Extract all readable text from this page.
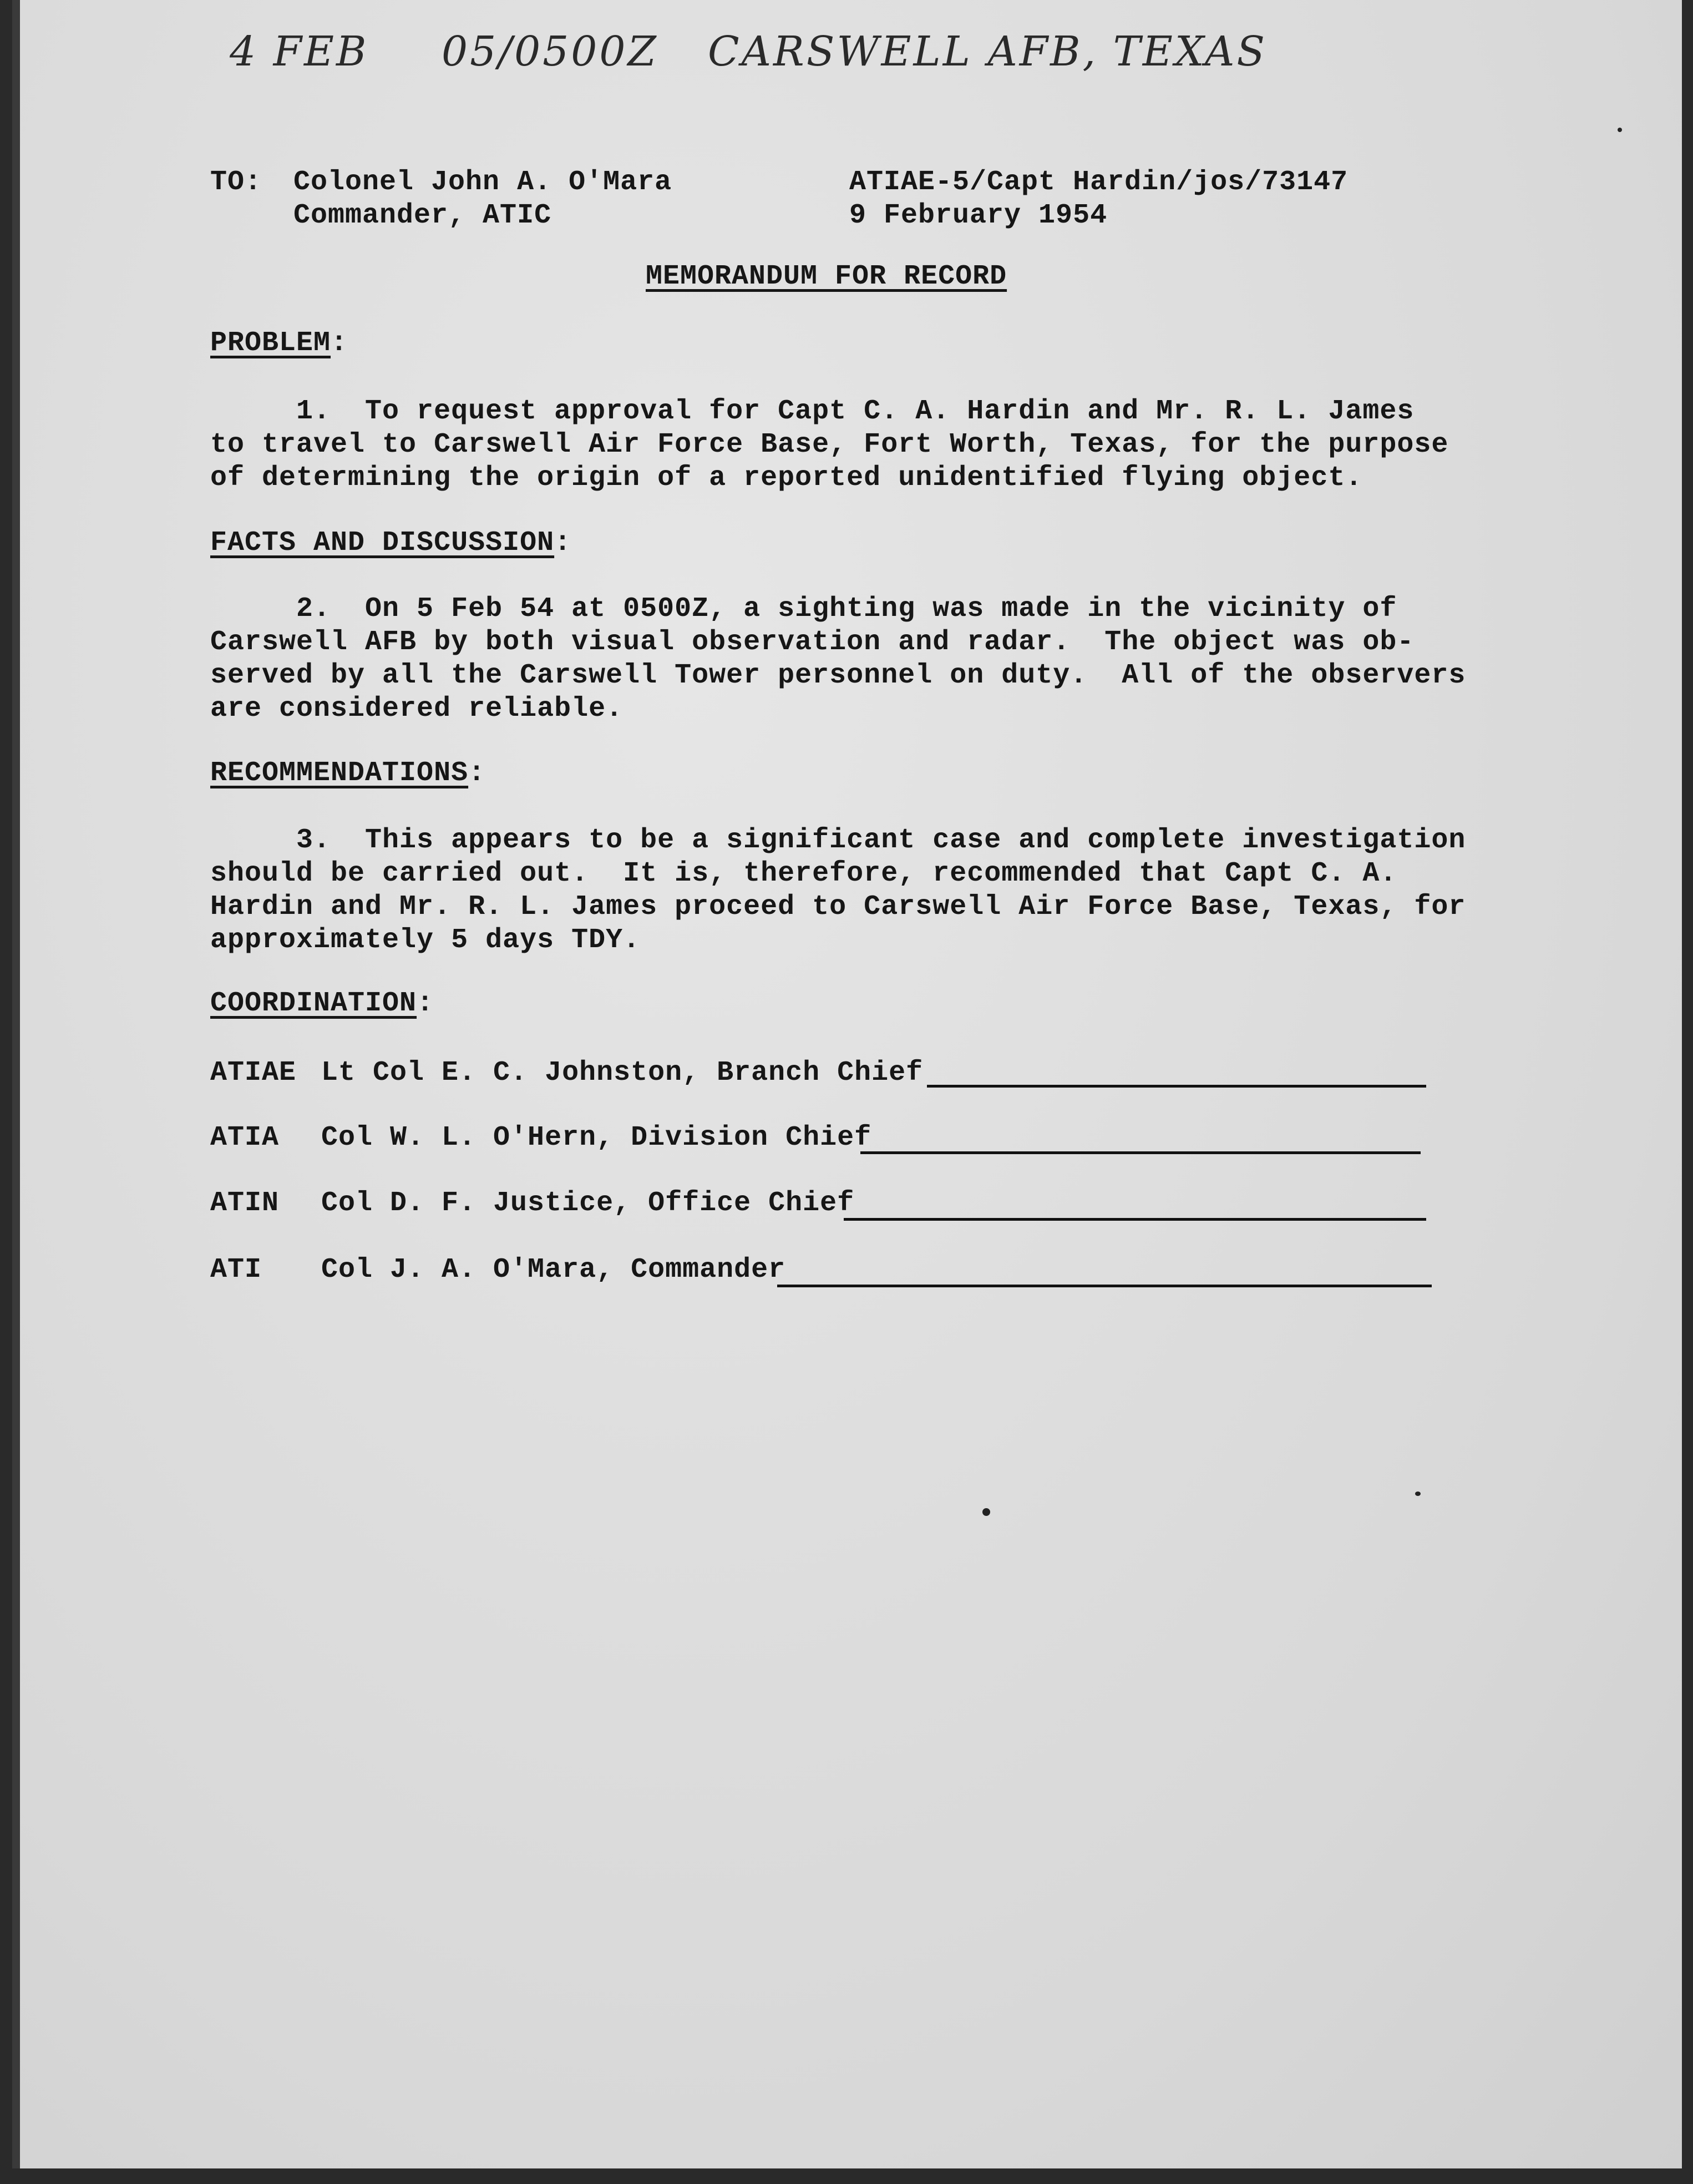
4 FEB 05/0500Z CARSWELL AFB, TEXAS
TO: Colonel John A. O'Mara
Commander, ATIC
ATIAE-5/Capt Hardin/jos/73147
9 February 1954
MEMORANDUM FOR RECORD
PROBLEM:
1.  To request approval for Capt C. A. Hardin and Mr. R. L. James
to travel to Carswell Air Force Base, Fort Worth, Texas, for the purpose
of determining the origin of a reported unidentified flying object.
FACTS AND DISCUSSION:
2.  On 5 Feb 54 at 0500Z, a sighting was made in the vicinity of
Carswell AFB by both visual observation and radar.  The object was ob-
served by all the Carswell Tower personnel on duty.  All of the observers
are considered reliable.
RECOMMENDATIONS:
3.  This appears to be a significant case and complete investigation
should be carried out.  It is, therefore, recommended that Capt C. A.
Hardin and Mr. R. L. James proceed to Carswell Air Force Base, Texas, for
approximately 5 days TDY.
COORDINATION:
ATIAE Lt Col E. C. Johnston, Branch Chief
ATIA Col W. L. O'Hern, Division Chief
ATIN Col D. F. Justice, Office Chief
ATI Col J. A. O'Mara, Commander
